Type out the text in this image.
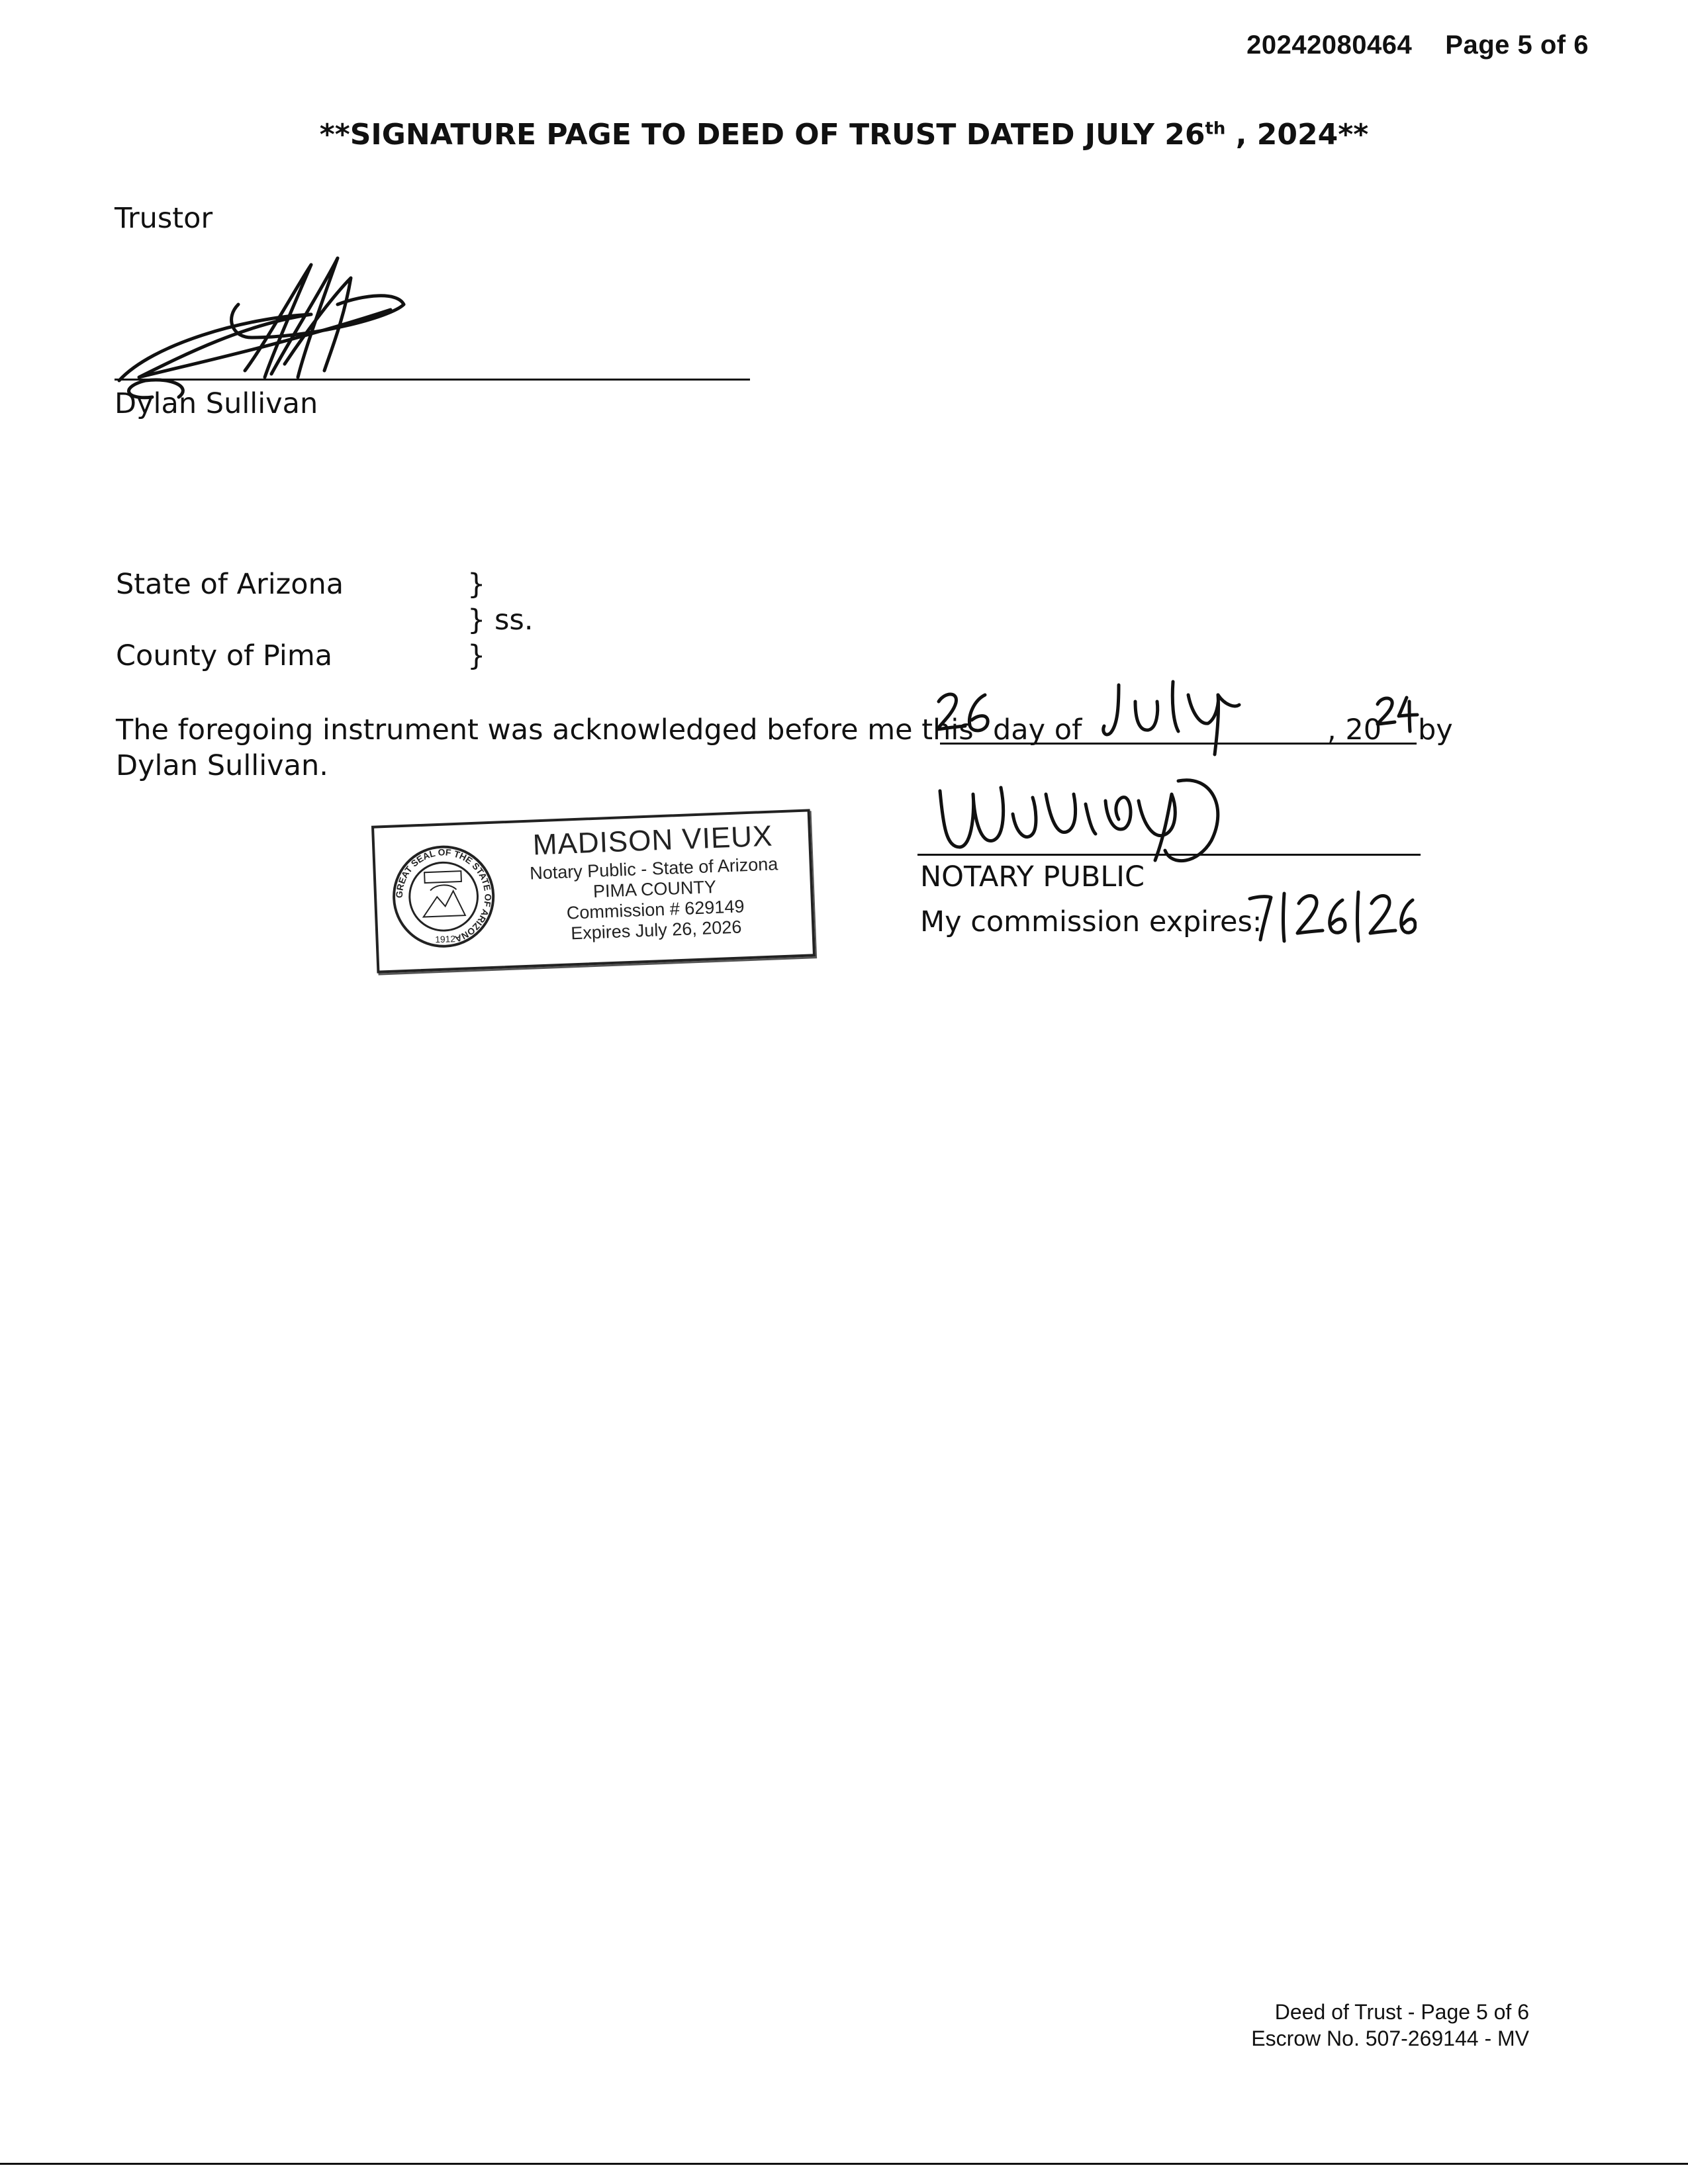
20242080464 Page 5 of 6
**SIGNATURE PAGE TO DEED OF TRUST DATED JULY 26th , 2024**
Trustor
Dylan Sullivan
State of Arizona	}
} ss.
County of Pima	}
The foregoing instrument was acknowledged before me this day of	, 20 by
Dylan Sullivan.
GREAT SEAL OF THE STATE OF ARIZONA
1912
MADISON VIEUX
Notary Public - State of Arizona
PIMA COUNTY
Commission # 629149
Expires July 26, 2026
NOTARY PUBLIC
My commission expires:
Deed of Trust - Page 5 of 6
Escrow No. 507-269144 - MV
